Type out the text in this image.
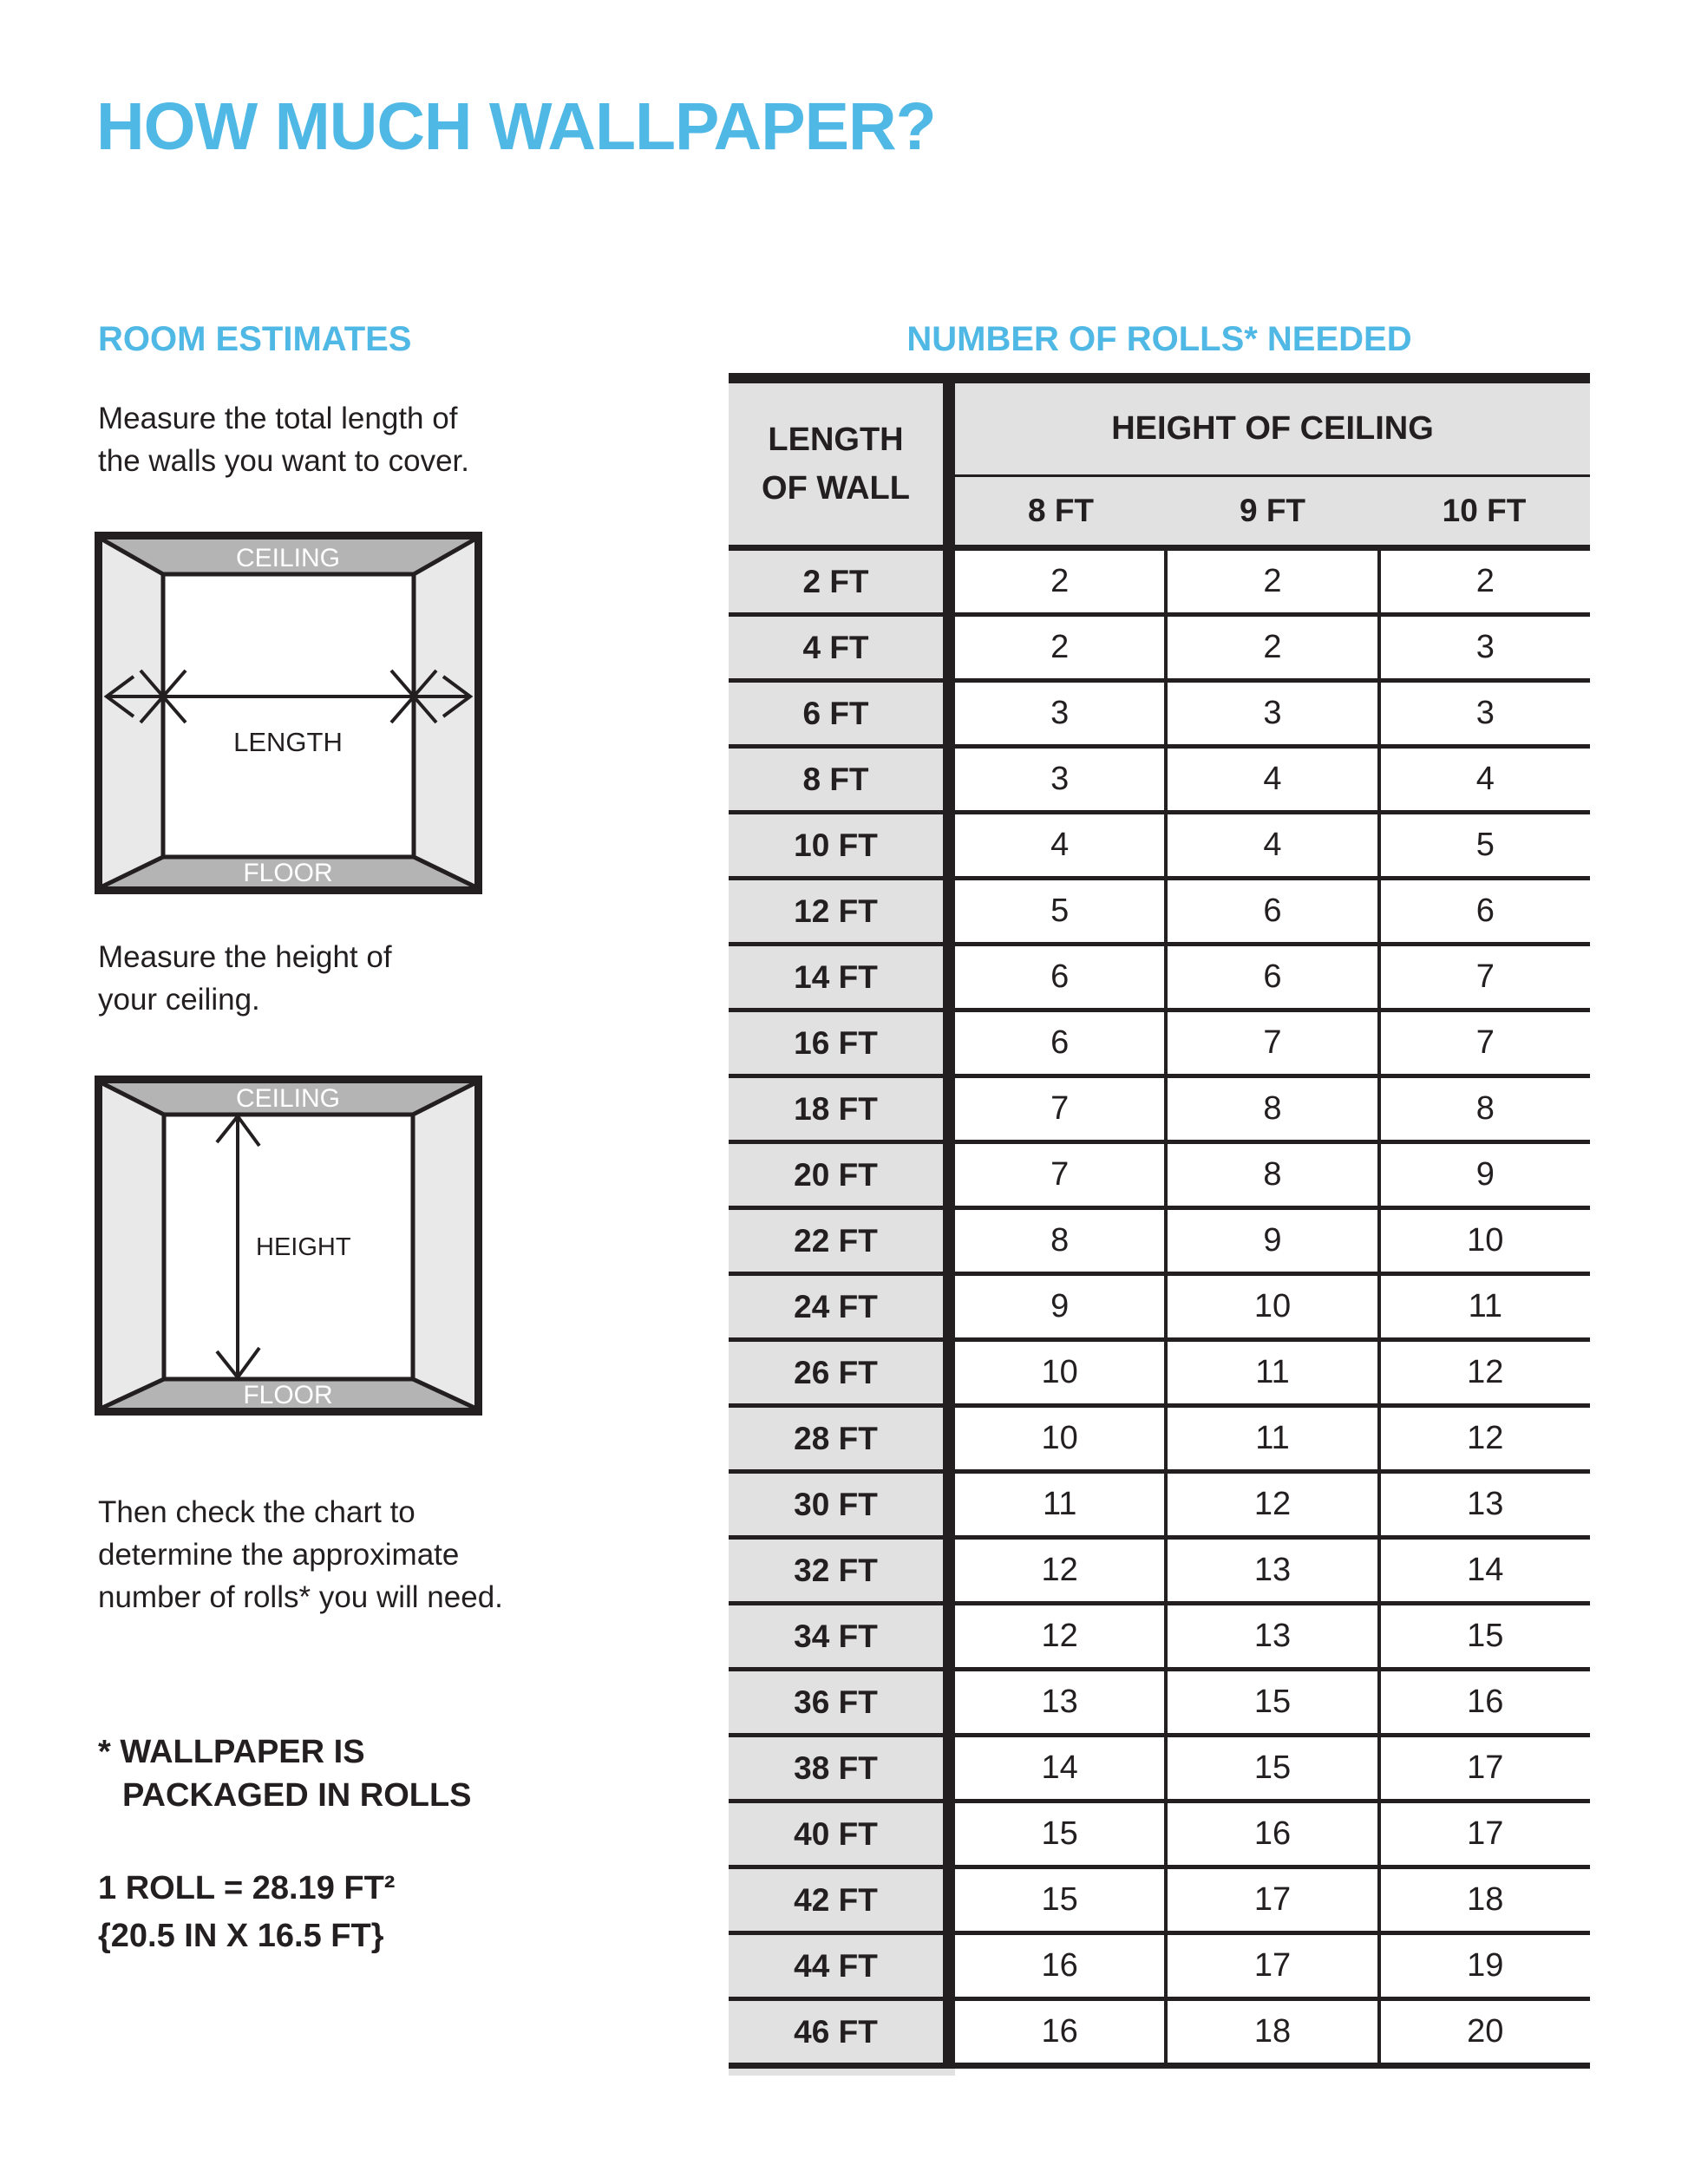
HOW MUCH WALLPAPER?
ROOM ESTIMATES	NUMBER OF ROLLS* NEEDED
Measure the total length of
the walls you want to cover.
CEILING
FLOOR
LENGTH
Measure the height of
your ceiling.
CEILING
FLOOR
HEIGHT
Then check the chart to
determine the approximate
number of rolls* you will need.
* WALLPAPER IS
PACKAGED IN ROLLS
1 ROLL = 28.19 FT²
{20.5 IN X 16.5 FT}
LENGTH
OF WALL
HEIGHT OF CEILING
8 FT	9 FT	10 FT
2 FT	2	2	2
4 FT	2	2	3
6 FT	3	3	3
8 FT	3	4	4
10 FT	4	4	5
12 FT	5	6	6
14 FT	6	6	7
16 FT	6	7	7
18 FT	7	8	8
20 FT	7	8	9
22 FT	8	9	10
24 FT	9	10	11
26 FT	10	11	12
28 FT	10	11	12
30 FT	11	12	13
32 FT	12	13	14
34 FT	12	13	15
36 FT	13	15	16
38 FT	14	15	17
40 FT	15	16	17
42 FT	15	17	18
44 FT	16	17	19
46 FT	16	18	20
